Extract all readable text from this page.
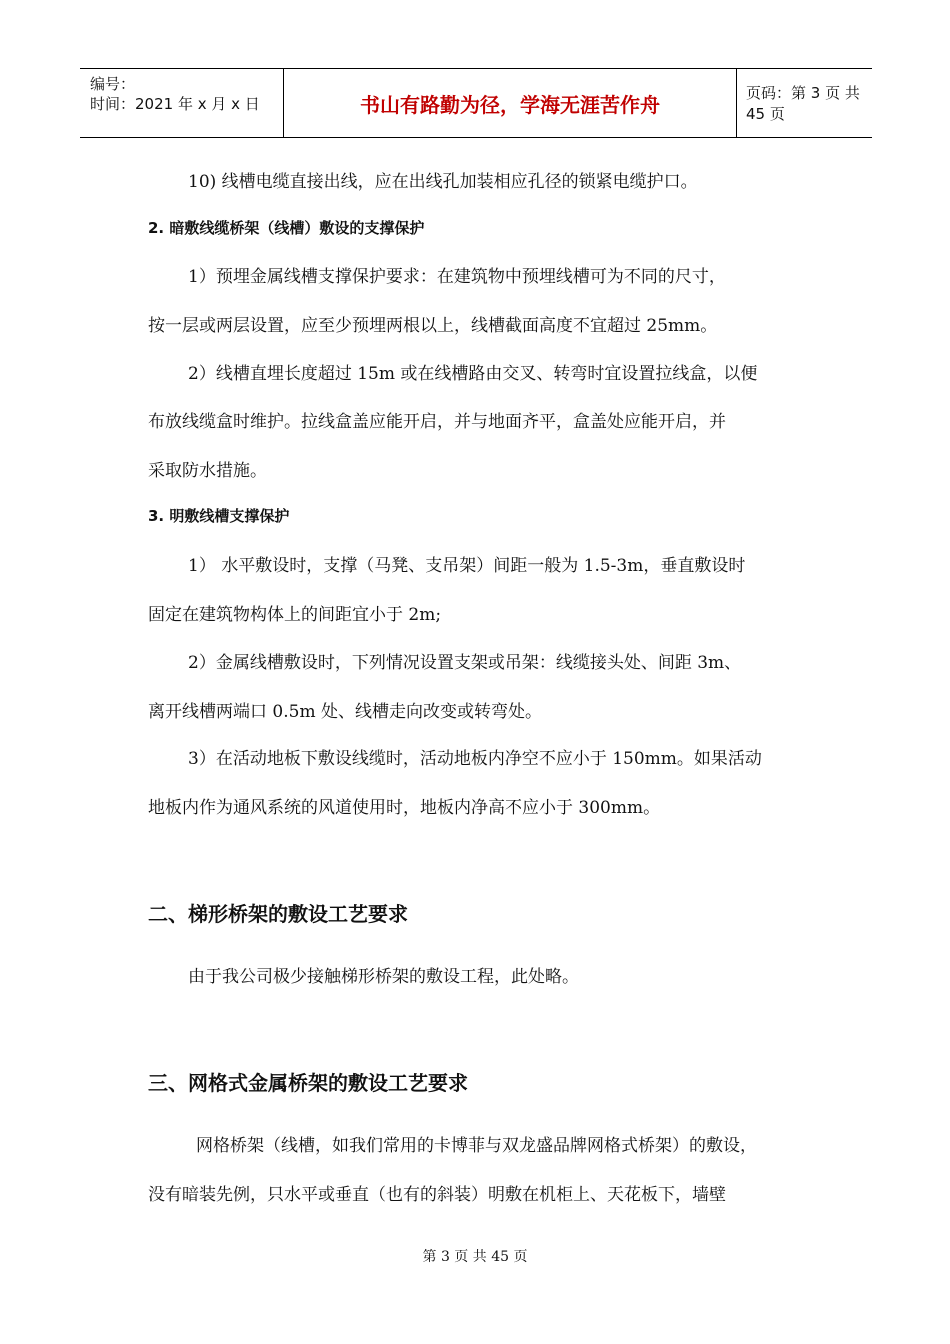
编号：
时间：2021 年 x 月 x 日	书山有路勤为径，学海无涯苦作舟	页码：第 3 页 共 45 页

10) 线槽电缆直接出线，应在出线孔加装相应孔径的锁紧电缆护口。

2. 暗敷线缆桥架（线槽）敷设的支撑保护

1）预埋金属线槽支撑保护要求：在建筑物中预埋线槽可为不同的尺寸，

按一层或两层设置，应至少预埋两根以上，线槽截面高度不宜超过 25mm。

2）线槽直埋长度超过 15m 或在线槽路由交叉、转弯时宜设置拉线盒，以便

布放线缆盒时维护。拉线盒盖应能开启，并与地面齐平，盒盖处应能开启，并

采取防水措施。

3. 明敷线槽支撑保护

1） 水平敷设时，支撑（马凳、支吊架）间距一般为 1.5-3m，垂直敷设时

固定在建筑物构体上的间距宜小于 2m;

2）金属线槽敷设时，下列情况设置支架或吊架：线缆接头处、间距 3m、

离开线槽两端口 0.5m 处、线槽走向改变或转弯处。

3）在活动地板下敷设线缆时，活动地板内净空不应小于 150mm。如果活动

地板内作为通风系统的风道使用时，地板内净高不应小于 300mm。

二、梯形桥架的敷设工艺要求

由于我公司极少接触梯形桥架的敷设工程，此处略。

三、网格式金属桥架的敷设工艺要求

网格桥架（线槽，如我们常用的卡博菲与双龙盛品牌网格式桥架）的敷设，

没有暗装先例，只水平或垂直（也有的斜装）明敷在机柜上、天花板下，墙壁

第 3 页 共 45 页
